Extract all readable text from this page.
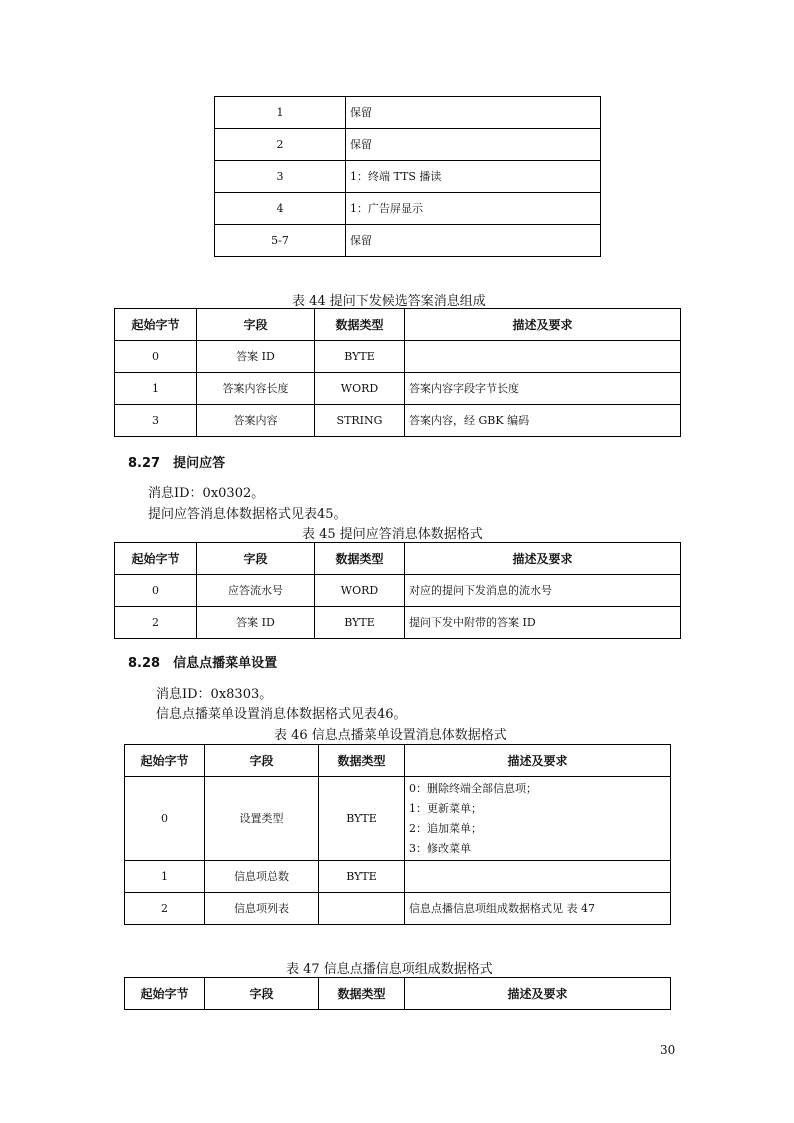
1	保留
2	保留
3	1：终端 TTS 播读
4	1：广告屏显示
5-7	保留
表 44 提问下发候选答案消息组成
起始字节	字段	数据类型	描述及要求
0	答案 ID	BYTE	
1	答案内容长度	WORD	答案内容字段字节长度
3	答案内容	STRING	答案内容，经 GBK 编码
8.27　提问应答
消息ID：0x0302。
提问应答消息体数据格式见表45。
表 45 提问应答消息体数据格式
起始字节	字段	数据类型	描述及要求
0	应答流水号	WORD	对应的提问下发消息的流水号
2	答案 ID	BYTE	提问下发中附带的答案 ID
8.28　信息点播菜单设置
消息ID：0x8303。
信息点播菜单设置消息体数据格式见表46。
表 46 信息点播菜单设置消息体数据格式
起始字节	字段	数据类型	描述及要求
0	设置类型	BYTE	0：删除终端全部信息项；
1：更新菜单；
2：追加菜单；
3：修改菜单

1	信息项总数	BYTE	
2	信息项列表		信息点播信息项组成数据格式见 表 47
表 47 信息点播信息项组成数据格式
起始字节	字段	数据类型	描述及要求
30
